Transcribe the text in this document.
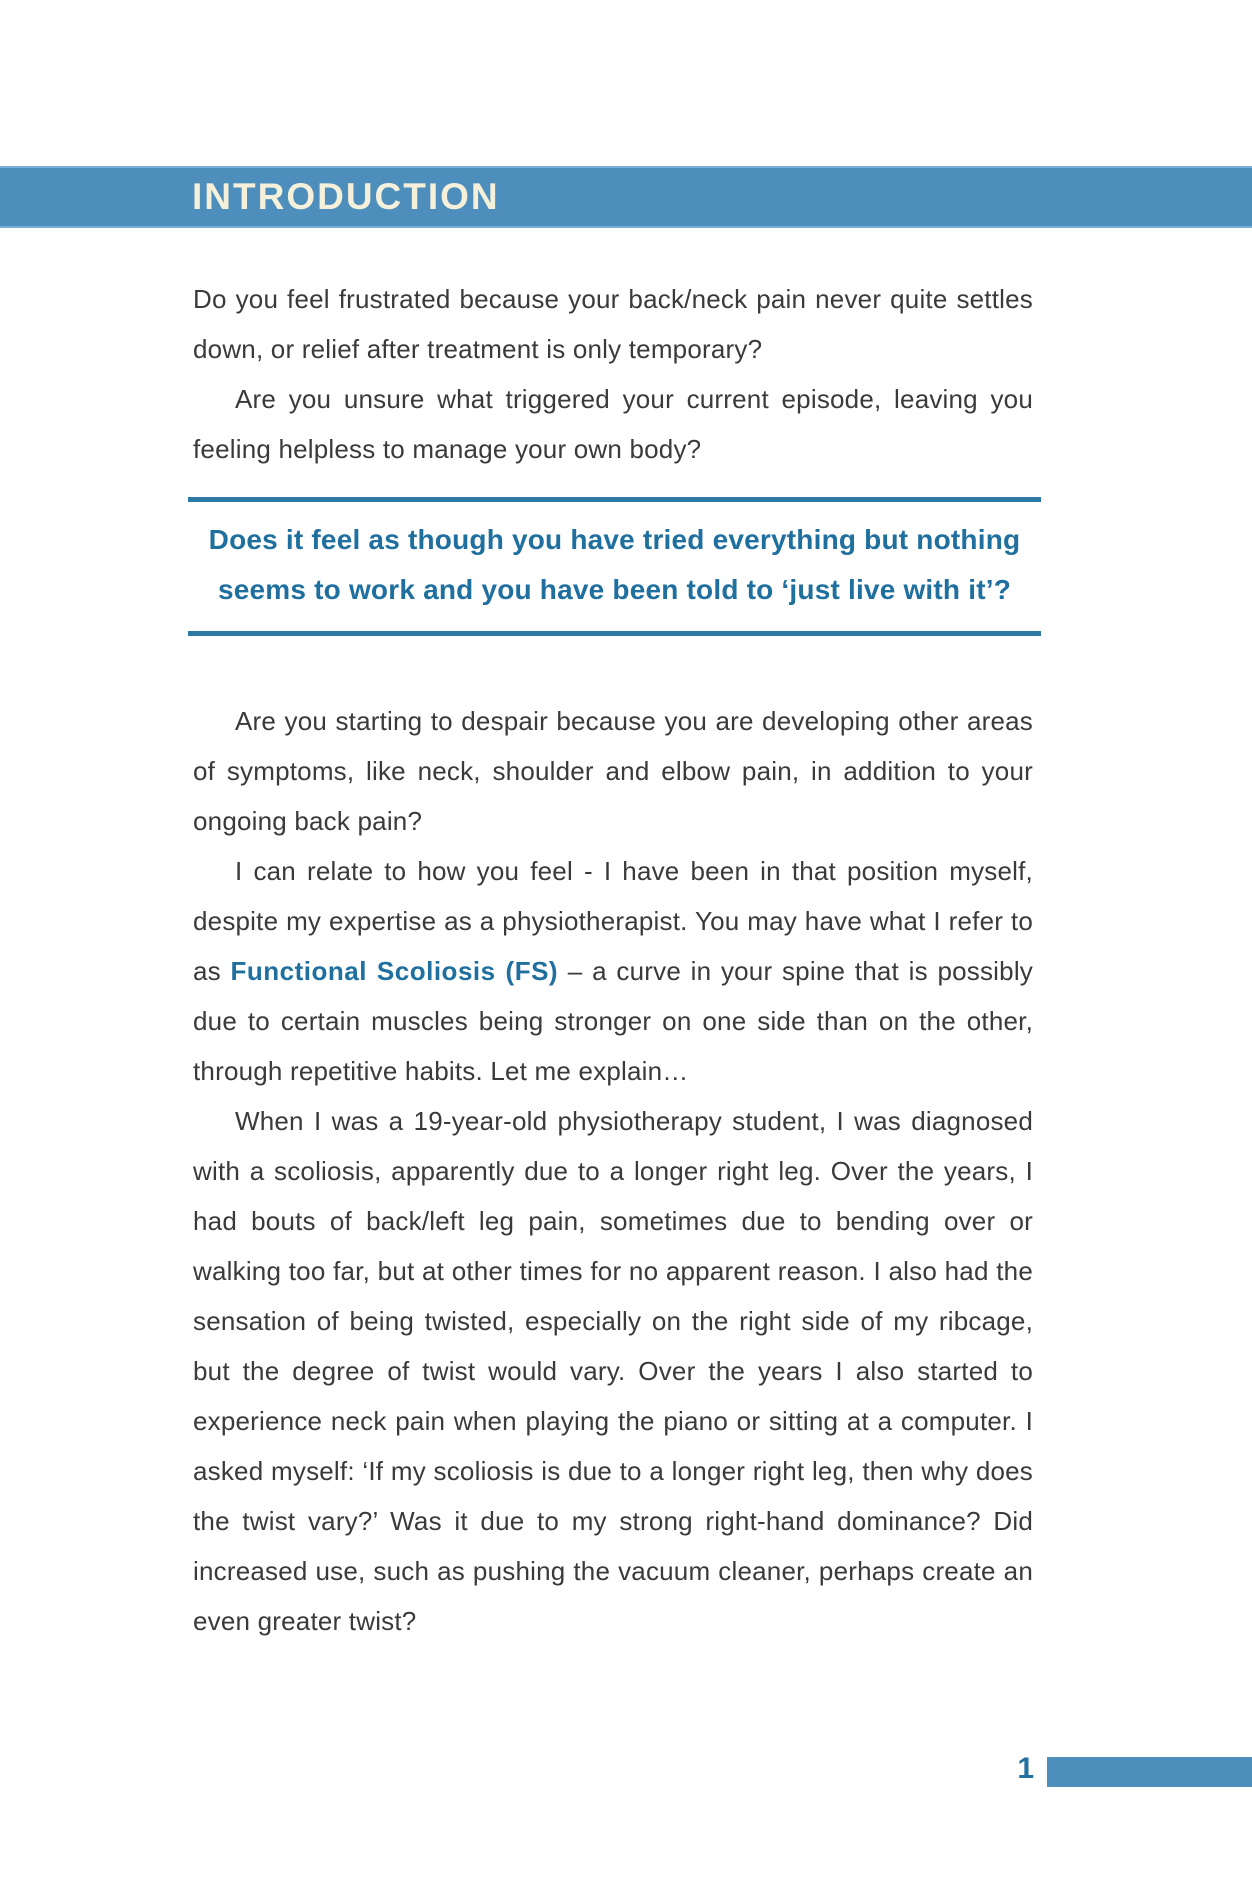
INTRODUCTION

Do you feel frustrated because your back/neck pain never quite settles down, or relief after treatment is only temporary?

Are you unsure what triggered your current episode, leaving you feeling helpless to manage your own body?

Does it feel as though you have tried everything but nothing
seems to work and you have been told to ‘just live with it’?

Are you starting to despair because you are developing other areas of symptoms, like neck, shoulder and elbow pain, in addition to your ongoing back pain?

I can relate to how you feel - I have been in that position myself, despite my expertise as a physiotherapist. You may have what I refer to as Functional Scoliosis (FS) – a curve in your spine that is possibly due to certain muscles being stronger on one side than on the other, through repetitive habits. Let me explain…

When I was a 19-year-old physiotherapy student, I was diagnosed with a scoliosis, apparently due to a longer right leg. Over the years, I had bouts of back/left leg pain, sometimes due to bending over or walking too far, but at other times for no apparent reason. I also had the sensation of being twisted, especially on the right side of my ribcage, but the degree of twist would vary. Over the years I also started to experience neck pain when playing the piano or sitting at a computer. I asked myself: ‘If my scoliosis is due to a longer right leg, then why does the twist vary?’ Was it due to my strong right-hand dominance? Did increased use, such as pushing the vacuum cleaner, perhaps create an even greater twist?

1
